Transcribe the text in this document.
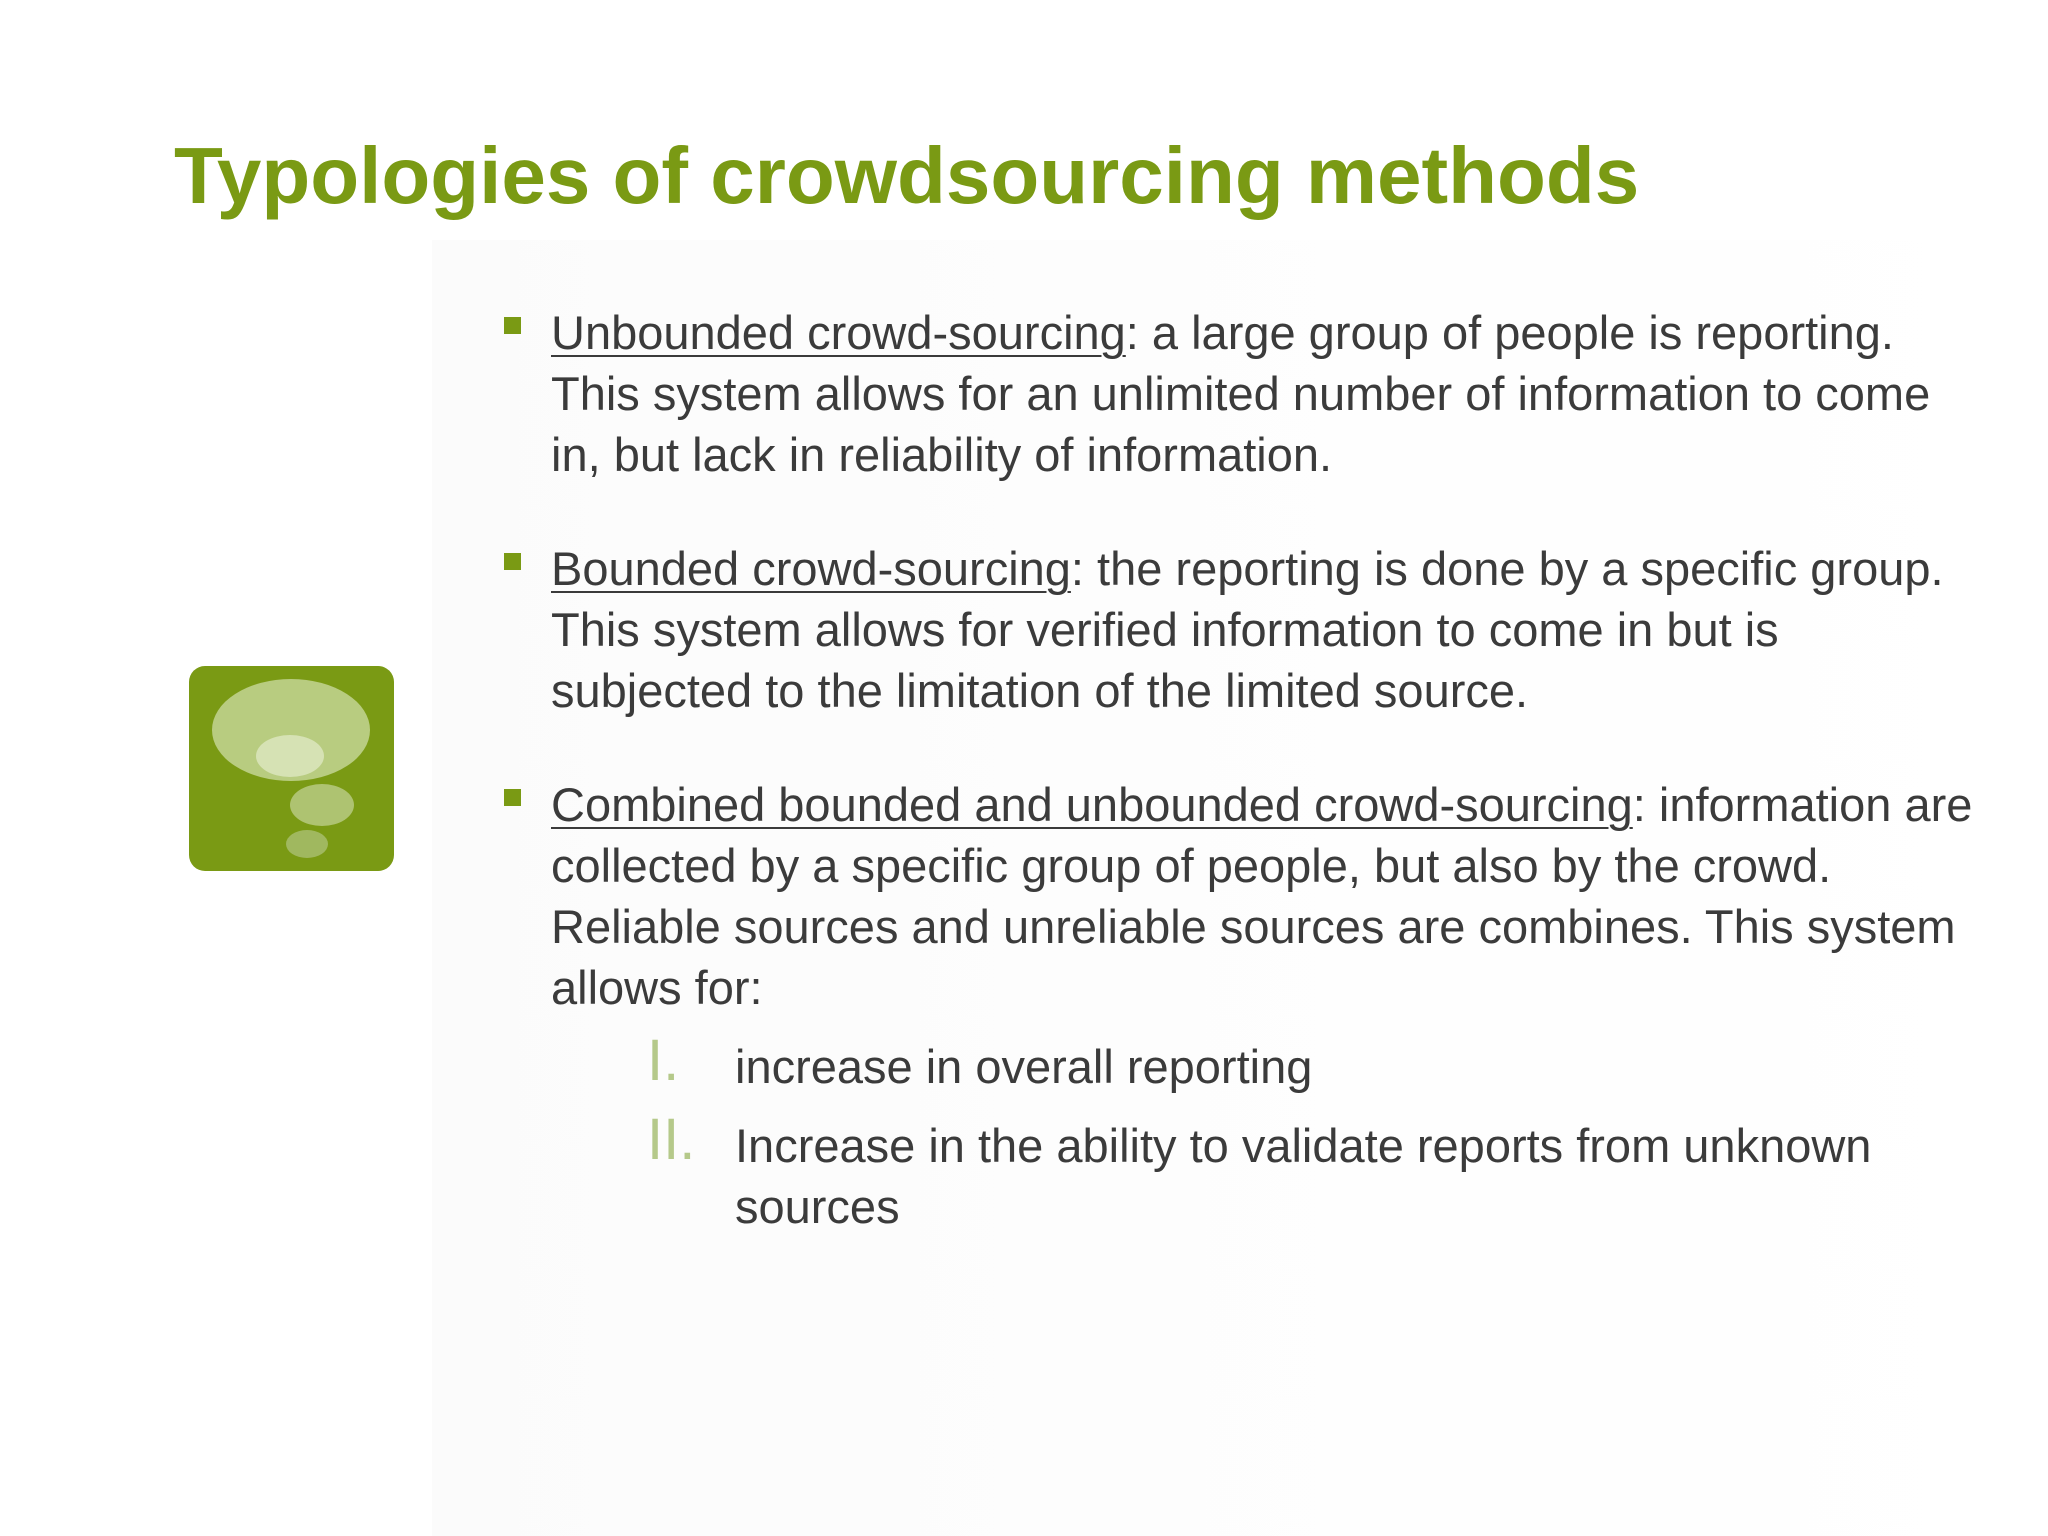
Typologies of crowdsourcing methods
Unbounded crowd-sourcing: a large group of people is reporting. This system allows for an unlimited number of information to come in, but lack in reliability of information.
Bounded crowd-sourcing: the reporting is done by a specific group. This system allows for verified information to come in but is subjected to the limitation of the limited source.
Combined bounded and unbounded crowd-sourcing: information are collected by a specific group of people, but also by the crowd. Reliable sources and unreliable sources are combines. This system allows for:
I. increase in overall reporting
II. Increase in the ability to validate reports from unknown sources
